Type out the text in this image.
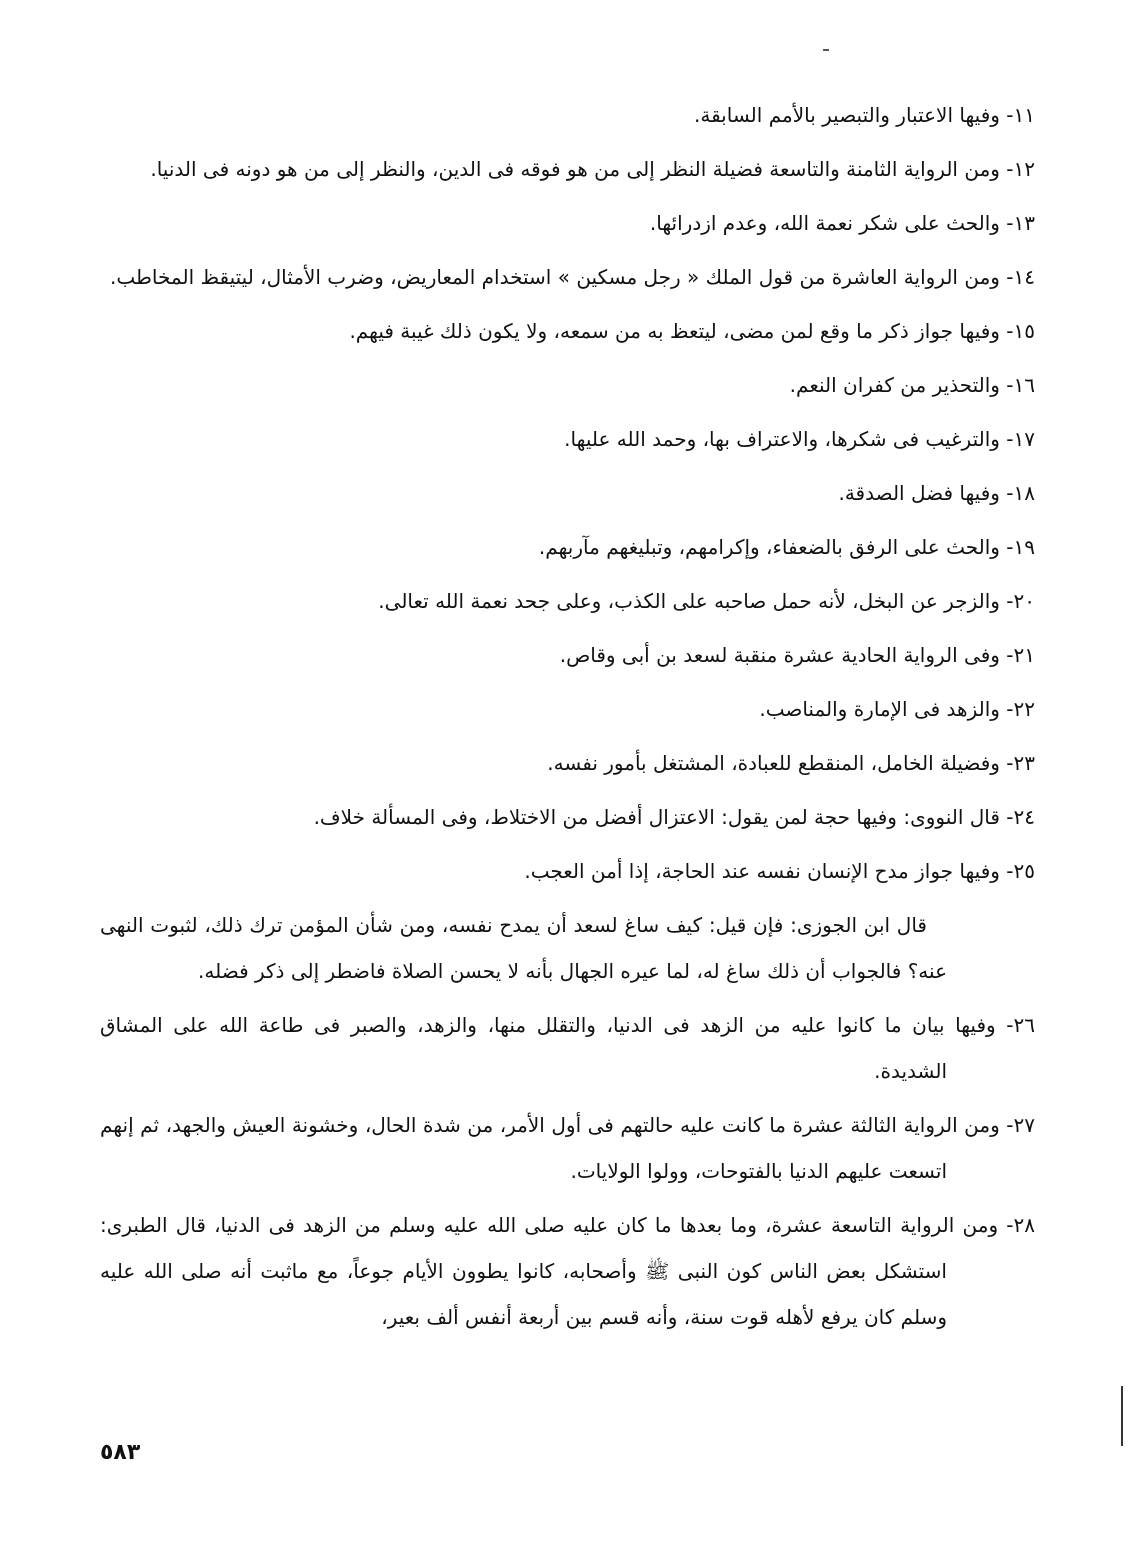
١١- وفيها الاعتبار والتبصير بالأمم السابقة.

١٢- ومن الرواية الثامنة والتاسعة فضيلة النظر إلى من هو فوقه فى الدين، والنظر إلى من هو دونه فى الدنيا.

١٣- والحث على شكر نعمة الله، وعدم ازدرائها.

١٤- ومن الرواية العاشرة من قول الملك « رجل مسكين » استخدام المعاريض، وضرب الأمثال، ليتيقظ المخاطب.

١٥- وفيها جواز ذكر ما وقع لمن مضى، ليتعظ به من سمعه، ولا يكون ذلك غيبة فيهم.

١٦- والتحذير من كفران النعم.

١٧- والترغيب فى شكرها، والاعتراف بها، وحمد الله عليها.

١٨- وفيها فضل الصدقة.

١٩- والحث على الرفق بالضعفاء، وإكرامهم، وتبليغهم مآربهم.

٢٠- والزجر عن البخل، لأنه حمل صاحبه على الكذب، وعلى جحد نعمة الله تعالى.

٢١- وفى الرواية الحادية عشرة منقبة لسعد بن أبى وقاص.

٢٢- والزهد فى الإمارة والمناصب.

٢٣- وفضيلة الخامل، المنقطع للعبادة، المشتغل بأمور نفسه.

٢٤- قال النووى: وفيها حجة لمن يقول: الاعتزال أفضل من الاختلاط، وفى المسألة خلاف.

٢٥- وفيها جواز مدح الإنسان نفسه عند الحاجة، إذا أمن العجب.

قال ابن الجوزى: فإن قيل: كيف ساغ لسعد أن يمدح نفسه، ومن شأن المؤمن ترك ذلك، لثبوت النهى عنه؟ فالجواب أن ذلك ساغ له، لما عيره الجهال بأنه لا يحسن الصلاة فاضطر إلى ذكر فضله.

٢٦- وفيها بيان ما كانوا عليه من الزهد فى الدنيا، والتقلل منها، والزهد، والصبر فى طاعة الله على المشاق الشديدة.

٢٧- ومن الرواية الثالثة عشرة ما كانت عليه حالتهم فى أول الأمر، من شدة الحال، وخشونة العيش والجهد، ثم إنهم اتسعت عليهم الدنيا بالفتوحات، وولوا الولايات.

٢٨- ومن الرواية التاسعة عشرة، وما بعدها ما كان عليه صلى الله عليه وسلم من الزهد فى الدنيا، قال الطبرى: استشكل بعض الناس كون النبى ﷺ وأصحابه، كانوا يطوون الأيام جوعاً، مع ماثبت أنه صلى الله عليه وسلم كان يرفع لأهله قوت سنة، وأنه قسم بين أربعة أنفس ألف بعير،

٥٨٣
